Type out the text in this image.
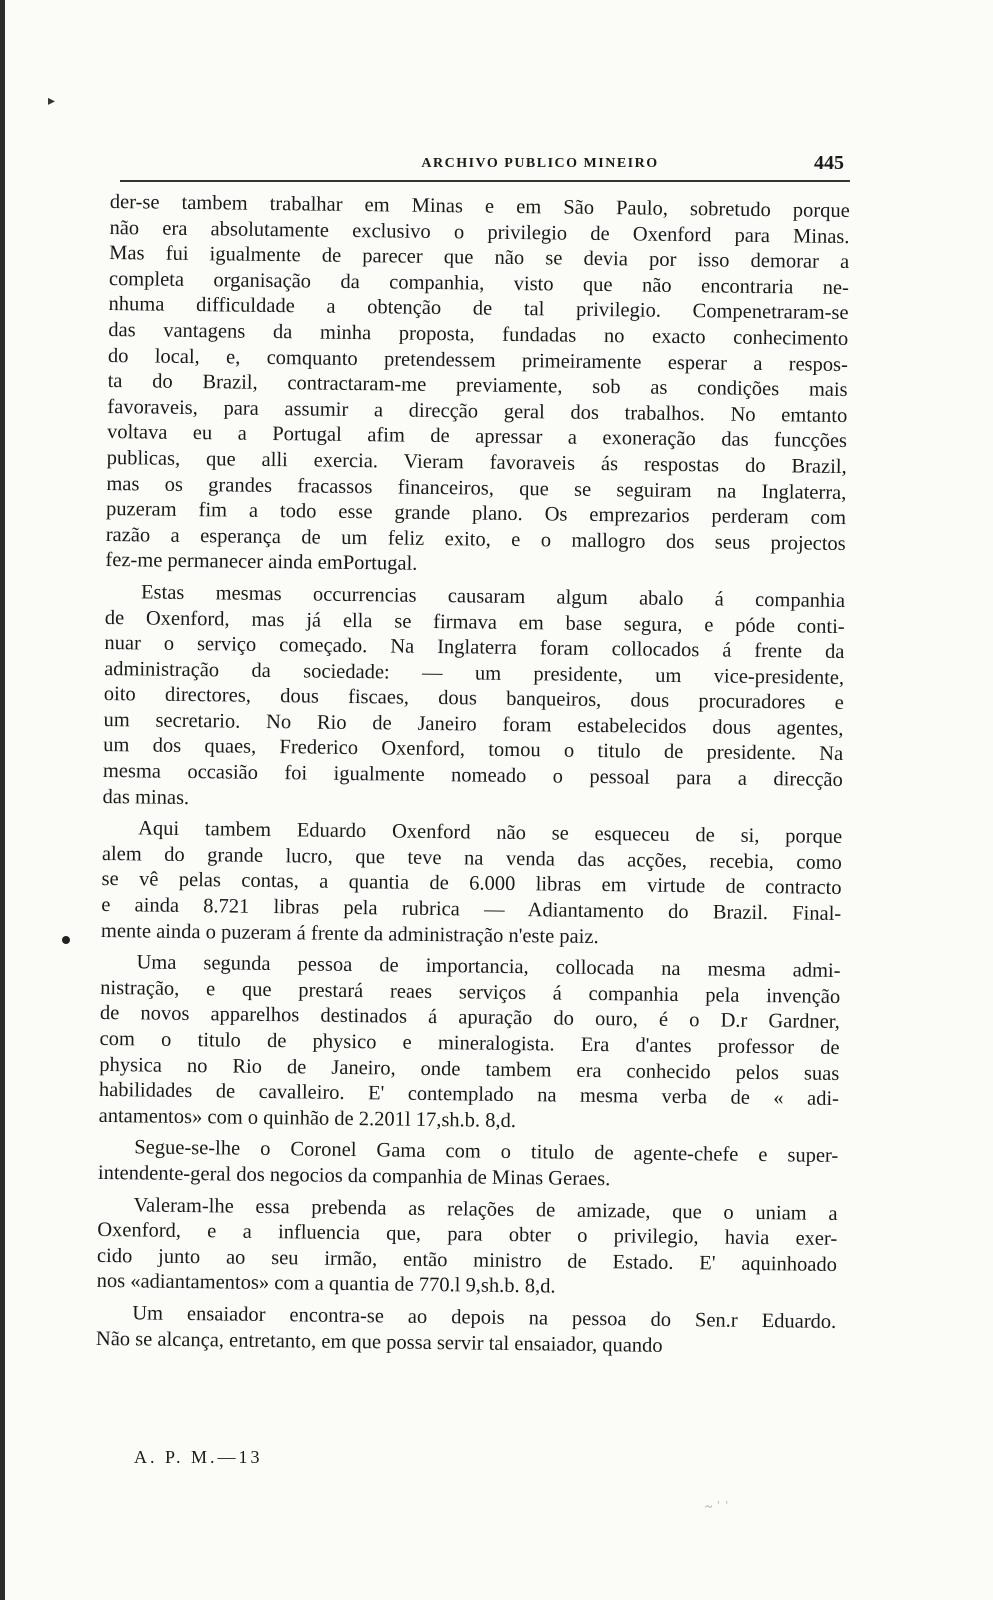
▸
ARCHIVO PUBLICO MINEIRO	445
der-se tambem trabalhar em Minas e em São Paulo, sobretudo porque
não era absolutamente exclusivo o privilegio de Oxenford para Minas.
Mas fui igualmente de parecer que não se devia por isso demorar a
completa organisação da companhia, visto que não encontraria ne-
nhuma difficuldade a obtenção de tal privilegio. Compenetraram-se
das vantagens da minha proposta, fundadas no exacto conhecimento
do local, e, comquanto pretendessem primeiramente esperar a respos-
ta do Brazil, contractaram-me previamente, sob as condições mais
favoraveis, para assumir a direcção geral dos trabalhos. No emtanto
voltava eu a Portugal afim de apressar a exoneração das funcções
publicas, que alli exercia. Vieram favoraveis ás respostas do Brazil,
mas os grandes fracassos financeiros, que se seguiram na Inglaterra,
puzeram fim a todo esse grande plano. Os emprezarios perderam com
razão a esperança de um feliz exito, e o mallogro dos seus projectos
fez-me permanecer ainda emPortugal.
Estas mesmas occurrencias causaram algum abalo á companhia
de Oxenford, mas já ella se firmava em base segura, e póde conti-
nuar o serviço começado. Na Inglaterra foram collocados á frente da
administração da sociedade: — um presidente, um vice-presidente,
oito directores, dous fiscaes, dous banqueiros, dous procuradores e
um secretario. No Rio de Janeiro foram estabelecidos dous agentes,
um dos quaes, Frederico Oxenford, tomou o titulo de presidente. Na
mesma occasião foi igualmente nomeado o pessoal para a direcção
das minas.
Aqui tambem Eduardo Oxenford não se esqueceu de si, porque
alem do grande lucro, que teve na venda das acções, recebia, como
se vê pelas contas, a quantia de 6.000 libras em virtude de contracto
e ainda 8.721 libras pela rubrica — Adiantamento do Brazil. Final-
mente ainda o puzeram á frente da administração n'este paiz.
Uma segunda pessoa de importancia, collocada na mesma admi-
nistração, e que prestará reaes serviços á companhia pela invenção
de novos apparelhos destinados á apuração do ouro, é o D.r Gardner,
com o titulo de physico e mineralogista. Era d'antes professor de
physica no Rio de Janeiro, onde tambem era conhecido pelos suas
habilidades de cavalleiro. E' contemplado na mesma verba de « adi-
antamentos» com o quinhão de 2.201l 17,sh.b. 8,d.
Segue-se-lhe o Coronel Gama com o titulo de agente-chefe e super-
intendente-geral dos negocios da companhia de Minas Geraes.
Valeram-lhe essa prebenda as relações de amizade, que o uniam a
Oxenford, e a influencia que, para obter o privilegio, havia exer-
cido junto ao seu irmão, então ministro de Estado. E' aquinhoado
nos «adiantamentos» com a quantia de 770.l 9,sh.b. 8,d.
Um ensaiador encontra-se ao depois na pessoa do Sen.r Eduardo.
Não se alcança, entretanto, em que possa servir tal ensaiador, quando
A. P. M.—13
~ ʾ ʿ
